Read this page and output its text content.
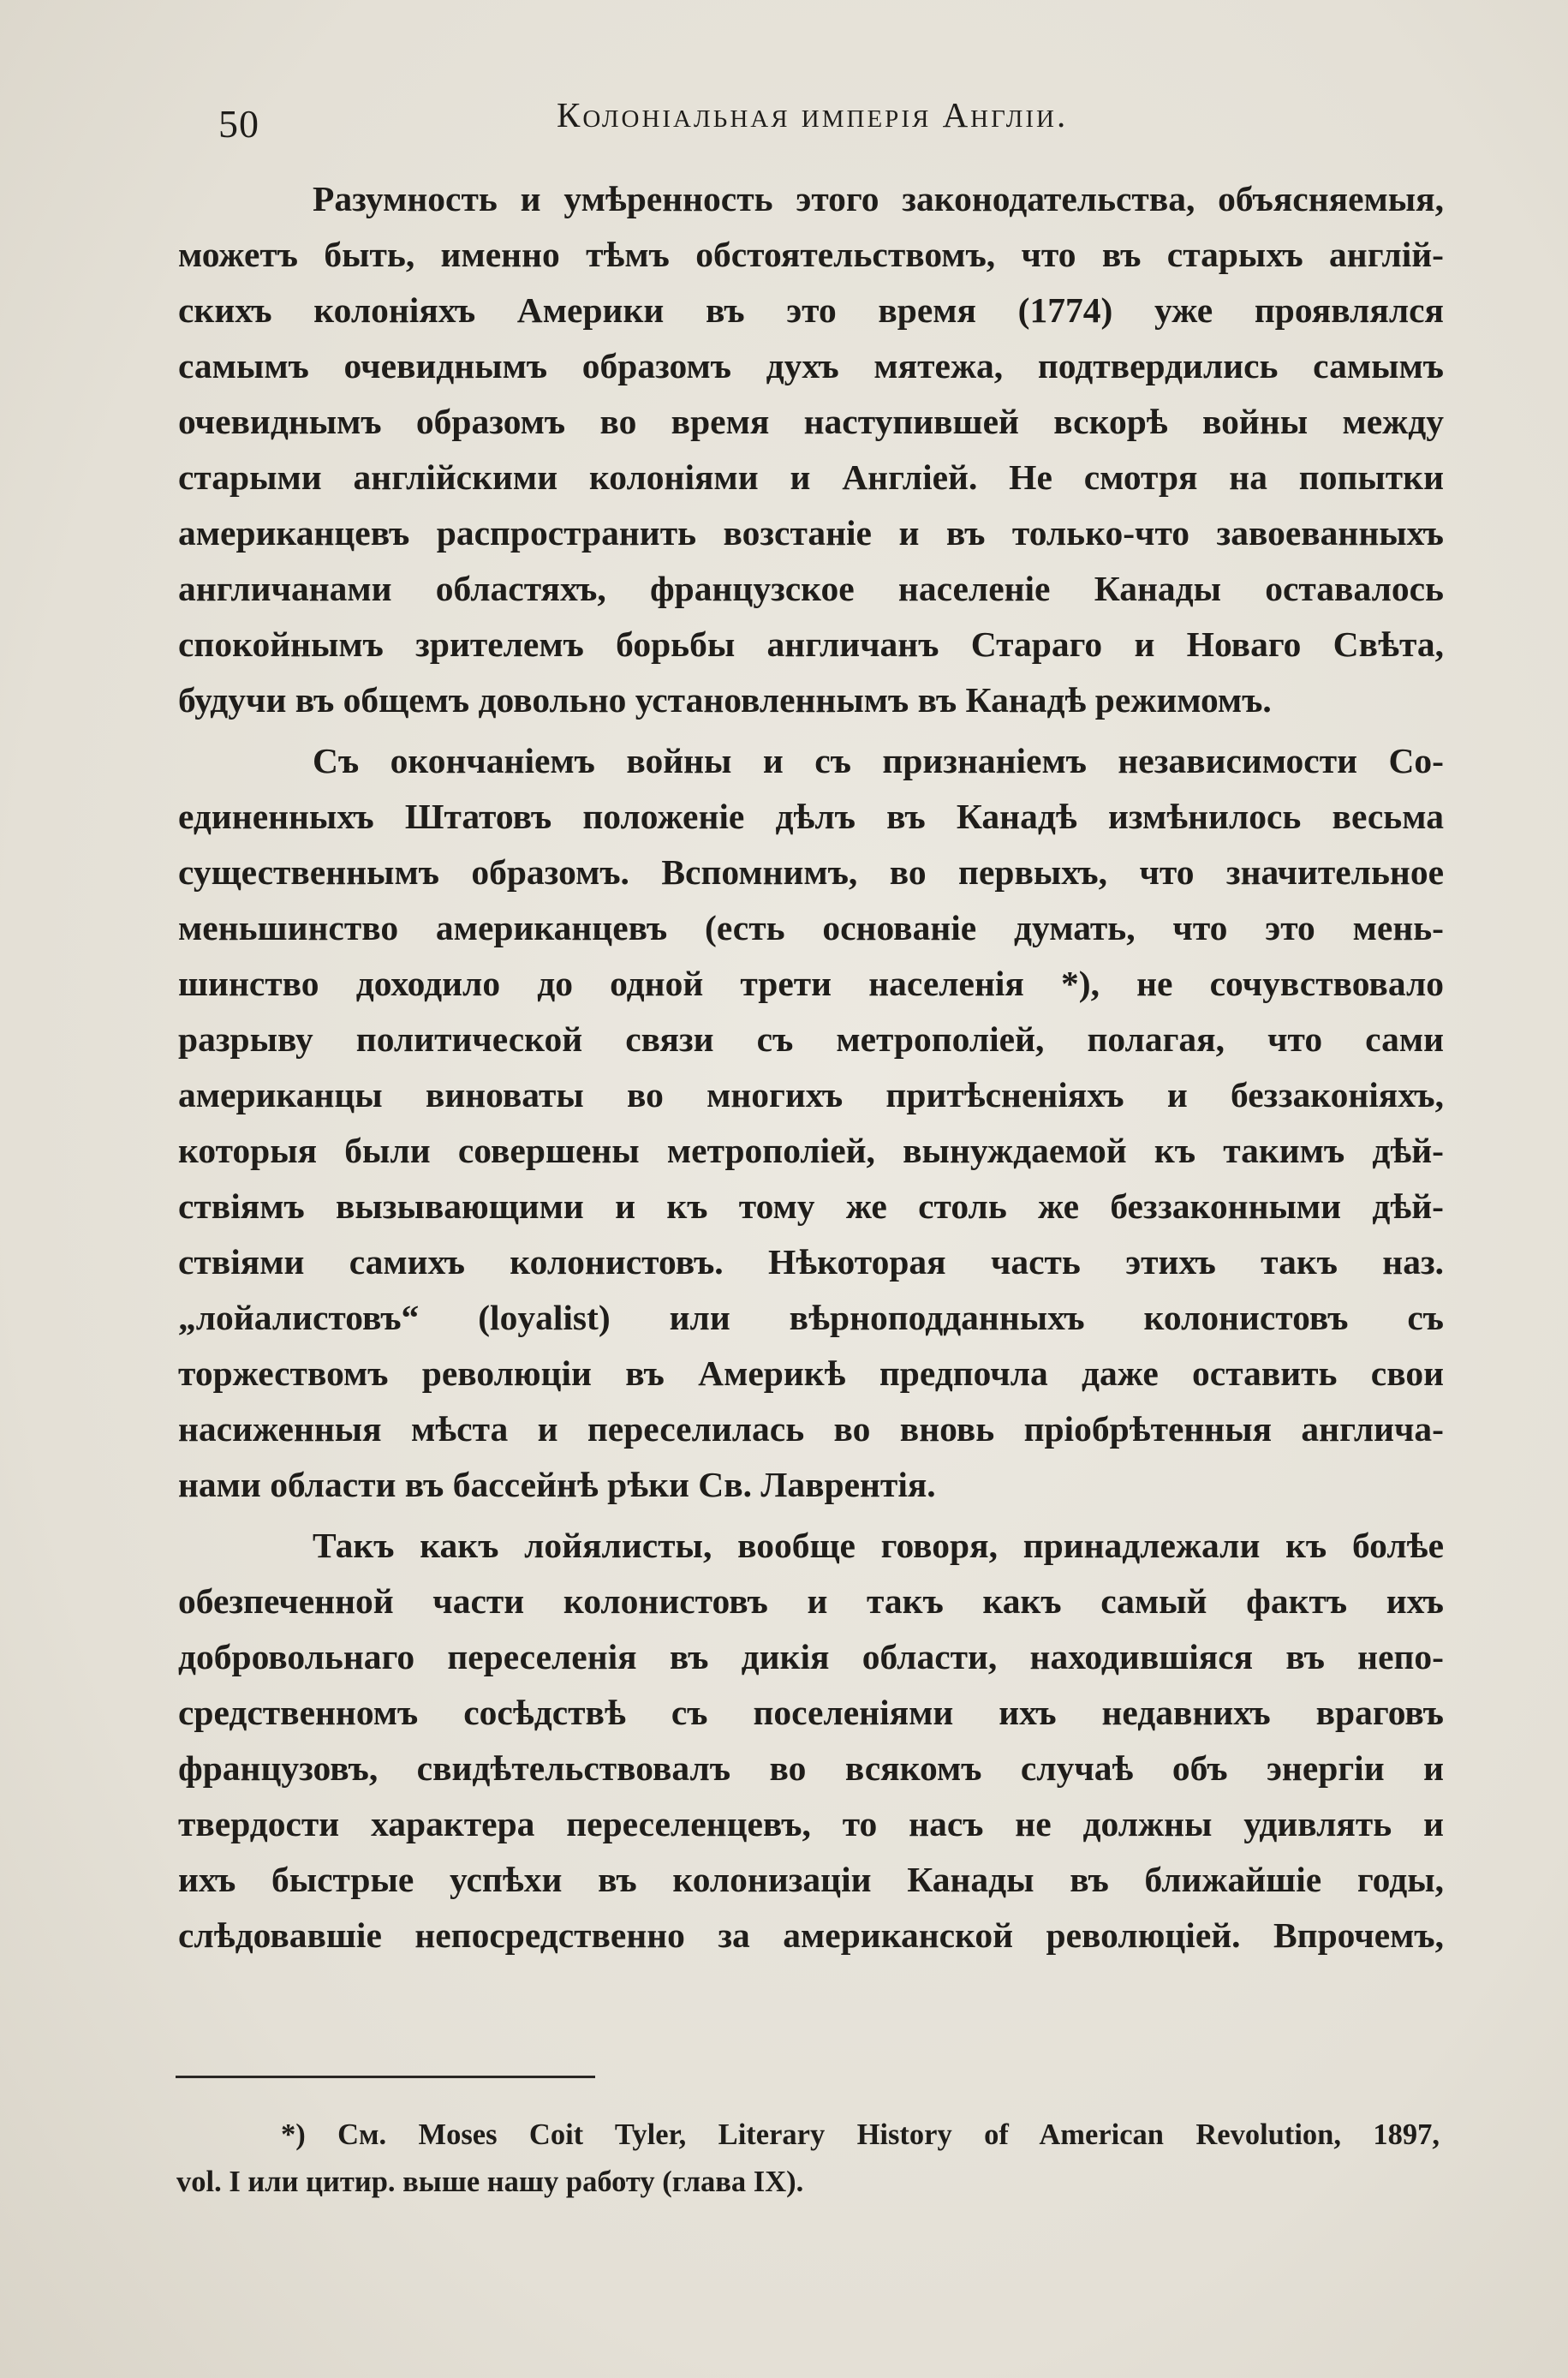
50	Колоніальная имперія Англіи.

Разумность и умѣренность этого законодательства, объясняемыя,
можетъ быть, именно тѣмъ обстоятельствомъ, что въ старыхъ англій-
скихъ колоніяхъ Америки въ это время (1774) уже проявлялся
самымъ очевиднымъ образомъ духъ мятежа, подтвердились самымъ
очевиднымъ образомъ во время наступившей вскорѣ войны между
старыми англійскими колоніями и Англіей. Не смотря на попытки
американцевъ распространить возстаніе и въ только-что завоеванныхъ
англичанами областяхъ, французское населеніе Канады оставалось
спокойнымъ зрителемъ борьбы англичанъ Стараго и Новаго Свѣта,
будучи въ общемъ довольно установленнымъ въ Канадѣ режимомъ.

Съ окончаніемъ войны и съ признаніемъ независимости Со-
единенныхъ Штатовъ положеніе дѣлъ въ Канадѣ измѣнилось весьма
существеннымъ образомъ. Вспомнимъ, во первыхъ, что значительное
меньшинство американцевъ (есть основаніе думать, что это мень-
шинство доходило до одной трети населенія *), не сочувствовало
разрыву политической связи съ метрополіей, полагая, что сами
американцы виноваты во многихъ притѣсненіяхъ и беззаконіяхъ,
которыя были совершены метрополіей, вынуждаемой къ такимъ дѣй-
ствіямъ вызывающими и къ тому же столь же беззаконными дѣй-
ствіями самихъ колонистовъ. Нѣкоторая часть этихъ такъ наз.
„лойалистовъ“ (loyalist) или вѣрноподданныхъ колонистовъ съ
торжествомъ революціи въ Америкѣ предпочла даже оставить свои
насиженныя мѣста и переселилась во вновь пріобрѣтенныя англича-
нами области въ бассейнѣ рѣки Св. Лаврентія.

Такъ какъ лойялисты, вообще говоря, принадлежали къ болѣе
обезпеченной части колонистовъ и такъ какъ самый фактъ ихъ
добровольнаго переселенія въ дикія области, находившіяся въ непо-
средственномъ сосѣдствѣ съ поселеніями ихъ недавнихъ враговъ
французовъ, свидѣтельствовалъ во всякомъ случаѣ объ энергіи и
твердости характера переселенцевъ, то насъ не должны удивлять и
ихъ быстрые успѣхи въ колонизаціи Канады въ ближайшіе годы,
слѣдовавшіе непосредственно за американской революціей. Впрочемъ,

*) См. Moses Coit Tyler, Literary History of American Revolution, 1897,
vol. I или цитир. выше нашу работу (глава IX).
